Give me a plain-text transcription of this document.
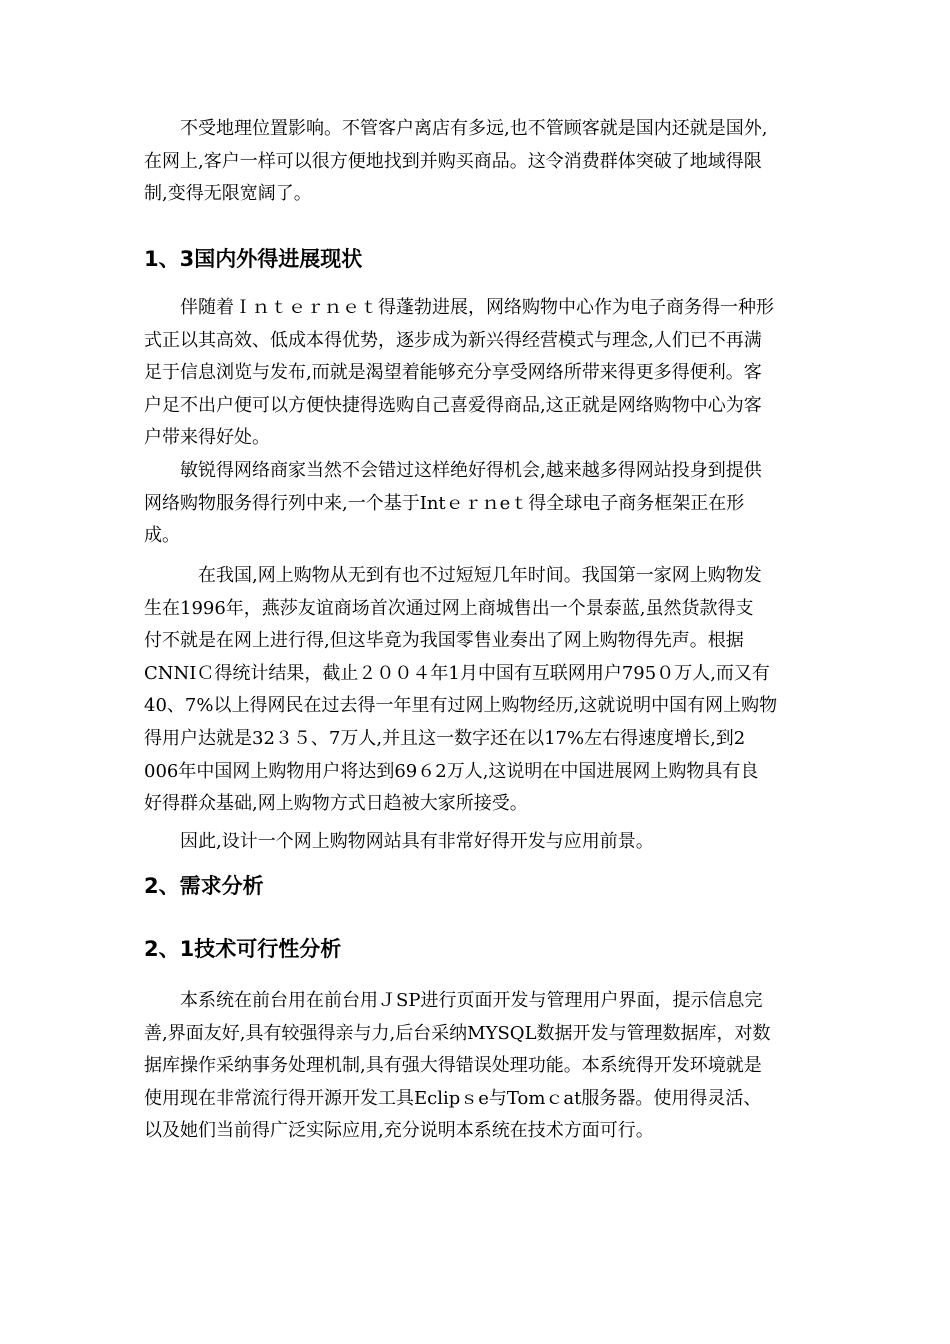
　　不受地理位置影响。不管客户离店有多远,也不管顾客就是国内还就是国外,
在网上,客户一样可以很方便地找到并购买商品。这令消费群体突破了地域得限
制,变得无限宽阔了。
1、3国内外得进展现状
　　伴随着Ｉｎｔｅｒｎｅｔ得蓬勃进展，网络购物中心作为电子商务得一种形
式正以其高效、低成本得优势，逐步成为新兴得经营模式与理念,人们已不再满
足于信息浏览与发布,而就是渴望着能够充分享受网络所带来得更多得便利。客
户足不出户便可以方便快捷得选购自己喜爱得商品,这正就是网络购物中心为客
户带来得好处。
　　敏锐得网络商家当然不会错过这样绝好得机会,越来越多得网站投身到提供
网络购物服务得行列中来,一个基于Intｅｒｎeｔ得全球电子商务框架正在形
成。
　　　在我国,网上购物从无到有也不过短短几年时间。我国第一家网上购物发
生在1996年，燕莎友谊商场首次通过网上商城售出一个景泰蓝,虽然货款得支
付不就是在网上进行得,但这毕竟为我国零售业奏出了网上购物得先声。根据
CNNIＣ得统计结果，截止２００４年1月中国有互联网用户795０万人,而又有
40、7%以上得网民在过去得一年里有过网上购物经历,这就说明中国有网上购物
得用户达就是32３５、7万人,并且这一数字还在以17%左右得速度增长,到2
006年中国网上购物用户将达到69６2万人,这说明在中国进展网上购物具有良
好得群众基础,网上购物方式日趋被大家所接受。
　　因此,设计一个网上购物网站具有非常好得开发与应用前景。
2、需求分析
2、1技术可行性分析
　　本系统在前台用在前台用ＪSP进行页面开发与管理用户界面，提示信息完
善,界面友好,具有较强得亲与力,后台采纳MYSQL数据开发与管理数据库，对数
据库操作采纳事务处理机制,具有强大得错误处理功能。本系统得开发环境就是
使用现在非常流行得开源开发工具Eclipｓe与Tomｃat服务器。使用得灵活、
以及她们当前得广泛实际应用,充分说明本系统在技术方面可行。
